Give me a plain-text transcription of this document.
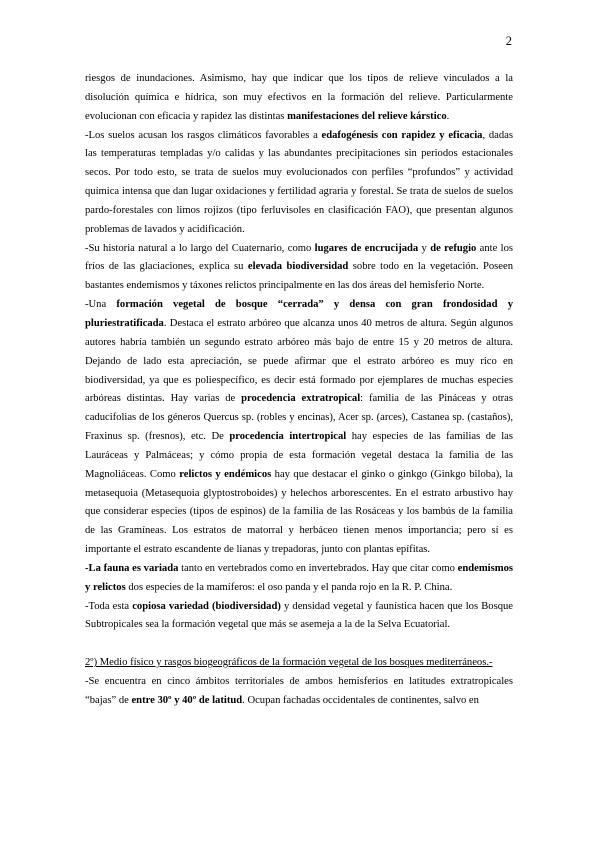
2

riesgos de inundaciones. Asimismo, hay que indicar que los tipos de relieve vinculados a la disolución química e hídrica, son muy efectivos en la formación del relieve. Particularmente evolucionan con eficacia y rapidez las distintas manifestaciones del relieve kárstico.

-Los suelos acusan los rasgos climáticos favorables a edafogénesis con rapidez y eficacia, dadas las temperaturas templadas y/o calidas y las abundantes precipitaciones sin periodos estacionales secos. Por todo esto, se trata de suelos muy evolucionados con perfiles “profundos” y actividad química intensa que dan lugar oxidaciones y fertilidad agraria y forestal. Se trata de suelos de suelos pardo-forestales con limos rojizos (tipo ferluvisoles en clasificación FAO), que presentan algunos problemas de lavados y acidificación.

-Su historia natural a lo largo del Cuaternario, como lugares de encrucijada y de refugio ante los fríos de las glaciaciones, explica su elevada biodiversidad sobre todo en la vegetación. Poseen bastantes endemismos y táxones relictos principalmente en las dos áreas del hemisferio Norte.

-Una formación vegetal de bosque “cerrada” y densa con gran frondosidad y pluriestratificada. Destaca el estrato arbóreo que alcanza unos 40 metros de altura. Según algunos autores habría también un segundo estrato arbóreo más bajo de entre 15 y 20 metros de altura. Dejando de lado esta apreciación, se puede afirmar que el estrato arbóreo es muy rico en biodiversidad, ya que es poliespecífico, es decir está formado por ejemplares de muchas especies arbóreas distintas. Hay varias de procedencia extratropical: familia de las Pináceas y otras caducifolias de los géneros Quercus sp. (robles y encinas), Acer sp. (arces), Castanea sp. (castaños), Fraxinus sp. (fresnos), etc. De procedencia intertropical hay especies de las familias de las Lauráceas y Palmáceas; y cómo propia de esta formación vegetal destaca la familia de las Magnoliáceas. Como relictos y endémicos hay que destacar el ginko o ginkgo (Ginkgo biloba), la metasequoia (Metasequoia glyptostroboides) y helechos arborescentes. En el estrato arbustivo hay que considerar especies (tipos de espinos) de la familia de las Rosáceas y los bambús de la familia de las Gramíneas. Los estratos de matorral y herbáceo tienen menos importancia; pero sí es importante el estrato escandente de lianas y trepadoras, junto con plantas epífitas.

-La fauna es variada tanto en vertebrados como en invertebrados. Hay que citar como endemismos y relictos dos especies de la mamíferos: el oso panda y el panda rojo en la R. P. China.

-Toda esta copiosa variedad (biodiversidad) y densidad vegetal y faunística hacen que los Bosque Subtropicales sea la formación vegetal que más se asemeja a la de la Selva Ecuatorial.

2º) Medio físico y rasgos biogeográficos de la formación vegetal de los bosques mediterráneos.-

-Se encuentra en cinco ámbitos territoriales de ambos hemisferios en latitudes extratropicales “bajas” de entre 30º y 40º de latitud. Ocupan fachadas occidentales de continentes, salvo en
